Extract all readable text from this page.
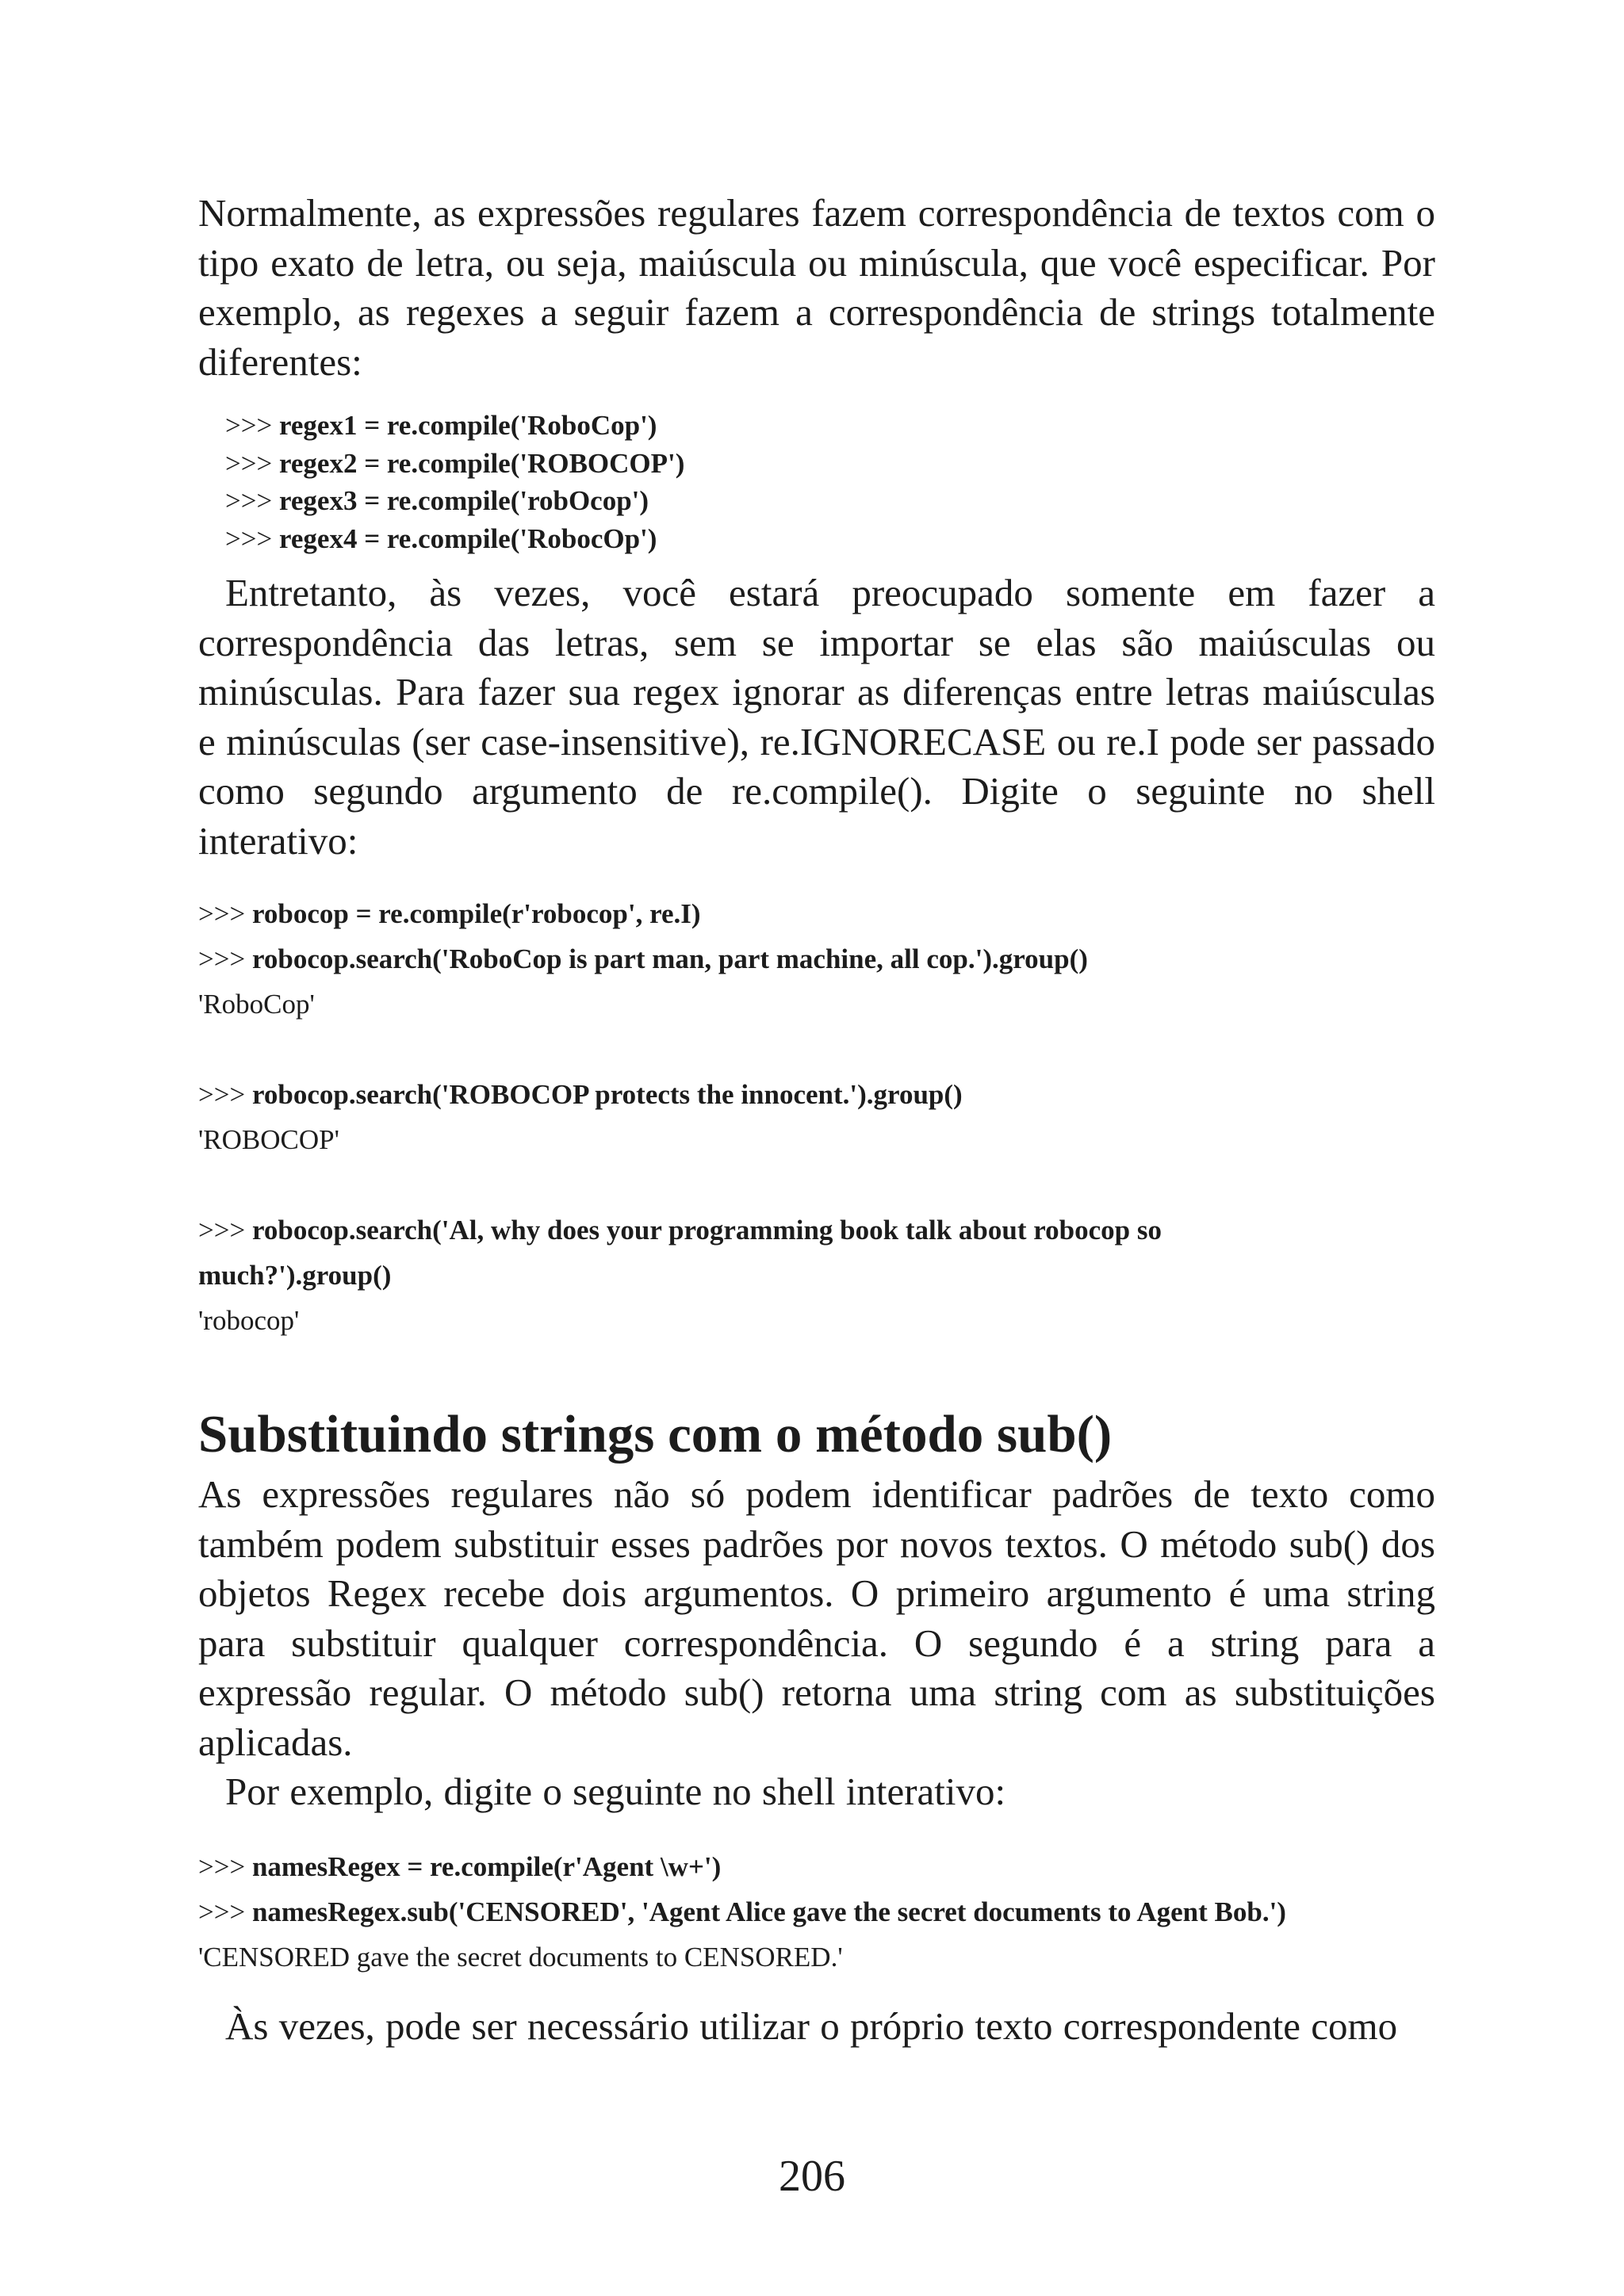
Normalmente, as expressões regulares fazem correspondência de textos com o tipo exato de letra, ou seja, maiúscula ou minúscula, que você especificar. Por exemplo, as regexes a seguir fazem a correspondência de strings totalmente diferentes:

>>> regex1 = re.compile('RoboCop')
>>> regex2 = re.compile('ROBOCOP')
>>> regex3 = re.compile('robOcop')
>>> regex4 = re.compile('RobocOp')

Entretanto, às vezes, você estará preocupado somente em fazer a correspondência das letras, sem se importar se elas são maiúsculas ou minúsculas. Para fazer sua regex ignorar as diferenças entre letras maiúsculas e minúsculas (ser case-insensitive), re.IGNORECASE ou re.I pode ser passado como segundo argumento de re.compile(). Digite o seguinte no shell interativo:

>>> robocop = re.compile(r'robocop', re.I)
>>> robocop.search('RoboCop is part man, part machine, all cop.').group()
'RoboCop'
>>> robocop.search('ROBOCOP protects the innocent.').group()
'ROBOCOP'
>>> robocop.search('Al, why does your programming book talk about robocop so much?').group()
'robocop'
Substituindo strings com o método sub()

As expressões regulares não só podem identificar padrões de texto como também podem substituir esses padrões por novos textos. O método sub() dos objetos Regex recebe dois argumentos. O primeiro argumento é uma string para substituir qualquer correspondência. O segundo é a string para a expressão regular. O método sub() retorna uma string com as substituições aplicadas.

Por exemplo, digite o seguinte no shell interativo:

>>> namesRegex = re.compile(r'Agent \w+')
>>> namesRegex.sub('CENSORED', 'Agent Alice gave the secret documents to Agent Bob.')
'CENSORED gave the secret documents to CENSORED.'

Às vezes, pode ser necessário utilizar o próprio texto correspondente como

206
